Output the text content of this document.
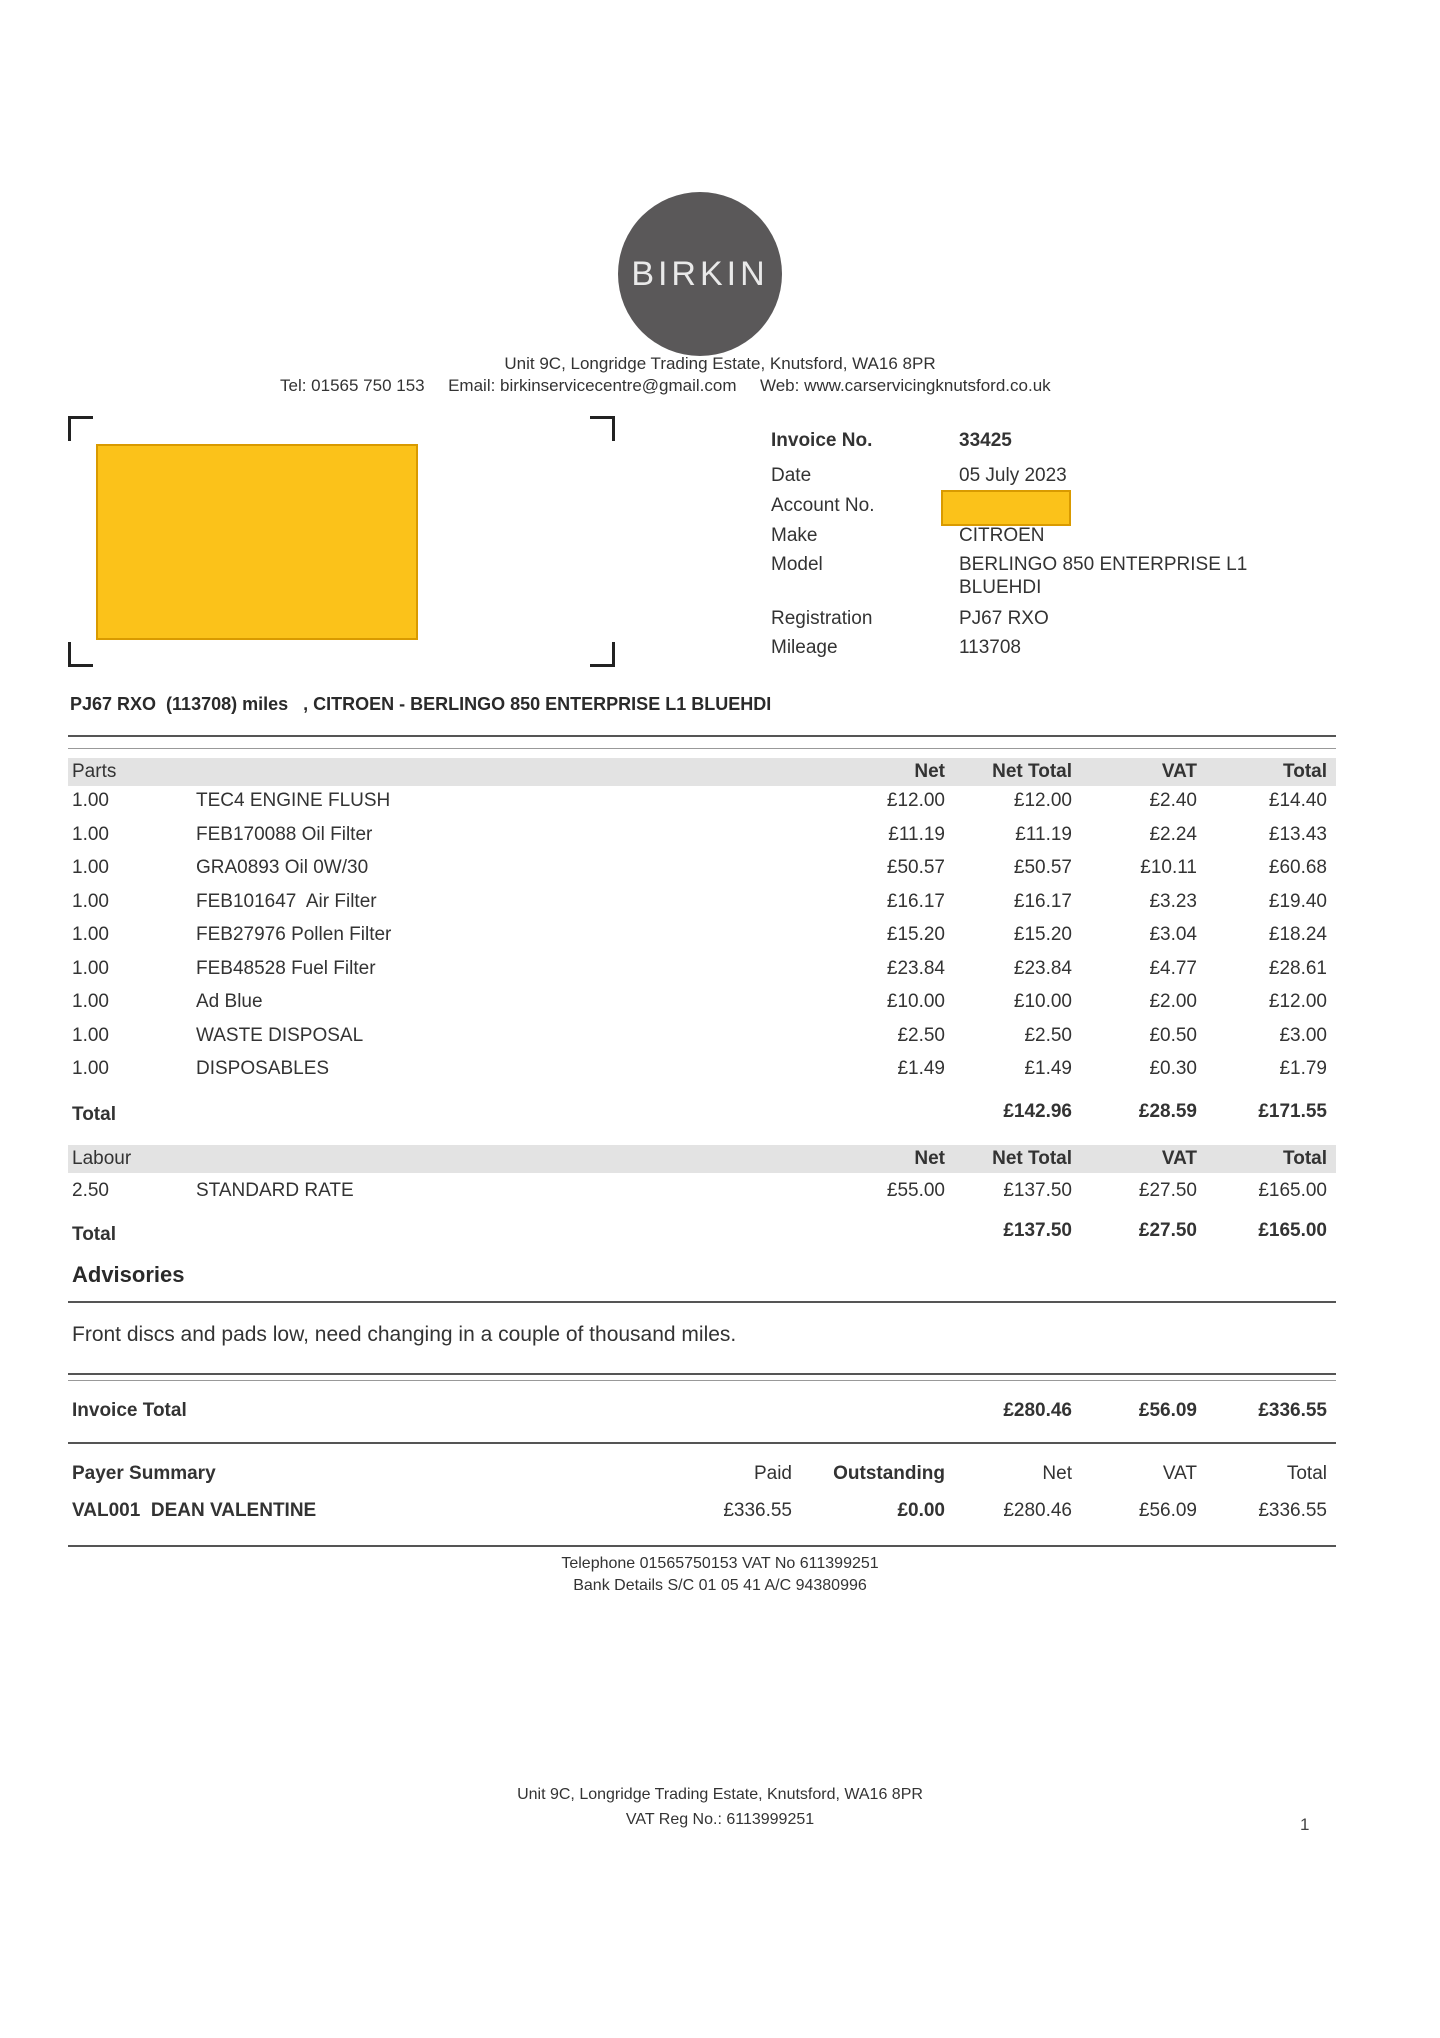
BIRKIN
Unit 9C, Longridge Trading Estate, Knutsford, WA16 8PR
Tel: 01565 750 153 Email: birkinservicecentre@gmail.com Web: www.carservicingknutsford.co.uk
Invoice No.	33425
Date	05 July 2023
Account No.
Make	CITROEN
Model	BERLINGO 850 ENTERPRISE L1
BLUEHDI
Registration	PJ67 RXO
Mileage	113708
PJ67 RXO  (113708) miles   , CITROEN - BERLINGO 850 ENTERPRISE L1 BLUEHDI
Parts	Net	Net Total	VAT	Total
1.00	TEC4 ENGINE FLUSH	£12.00	£12.00	£2.40	£14.40
1.00	FEB170088 Oil Filter	£11.19	£11.19	£2.24	£13.43
1.00	GRA0893 Oil 0W/30	£50.57	£50.57	£10.11	£60.68
1.00	FEB101647  Air Filter	£16.17	£16.17	£3.23	£19.40
1.00	FEB27976 Pollen Filter	£15.20	£15.20	£3.04	£18.24
1.00	FEB48528 Fuel Filter	£23.84	£23.84	£4.77	£28.61
1.00	Ad Blue	£10.00	£10.00	£2.00	£12.00
1.00	WASTE DISPOSAL	£2.50	£2.50	£0.50	£3.00
1.00	DISPOSABLES	£1.49	£1.49	£0.30	£1.79
Total	£142.96	£28.59	£171.55
Labour	Net	Net Total	VAT	Total
2.50	STANDARD RATE	£55.00	£137.50	£27.50	£165.00
Total	£137.50	£27.50	£165.00
Advisories
Front discs and pads low, need changing in a couple of thousand miles.
Invoice Total	£280.46	£56.09	£336.55
Payer Summary	Paid	Outstanding	Net	VAT	Total
VAL001  DEAN VALENTINE	£336.55	£0.00	£280.46	£56.09	£336.55
Telephone 01565750153 VAT No 611399251
Bank Details S/C 01 05 41 A/C 94380996
Unit 9C, Longridge Trading Estate, Knutsford, WA16 8PR
VAT Reg No.: 6113999251	1
